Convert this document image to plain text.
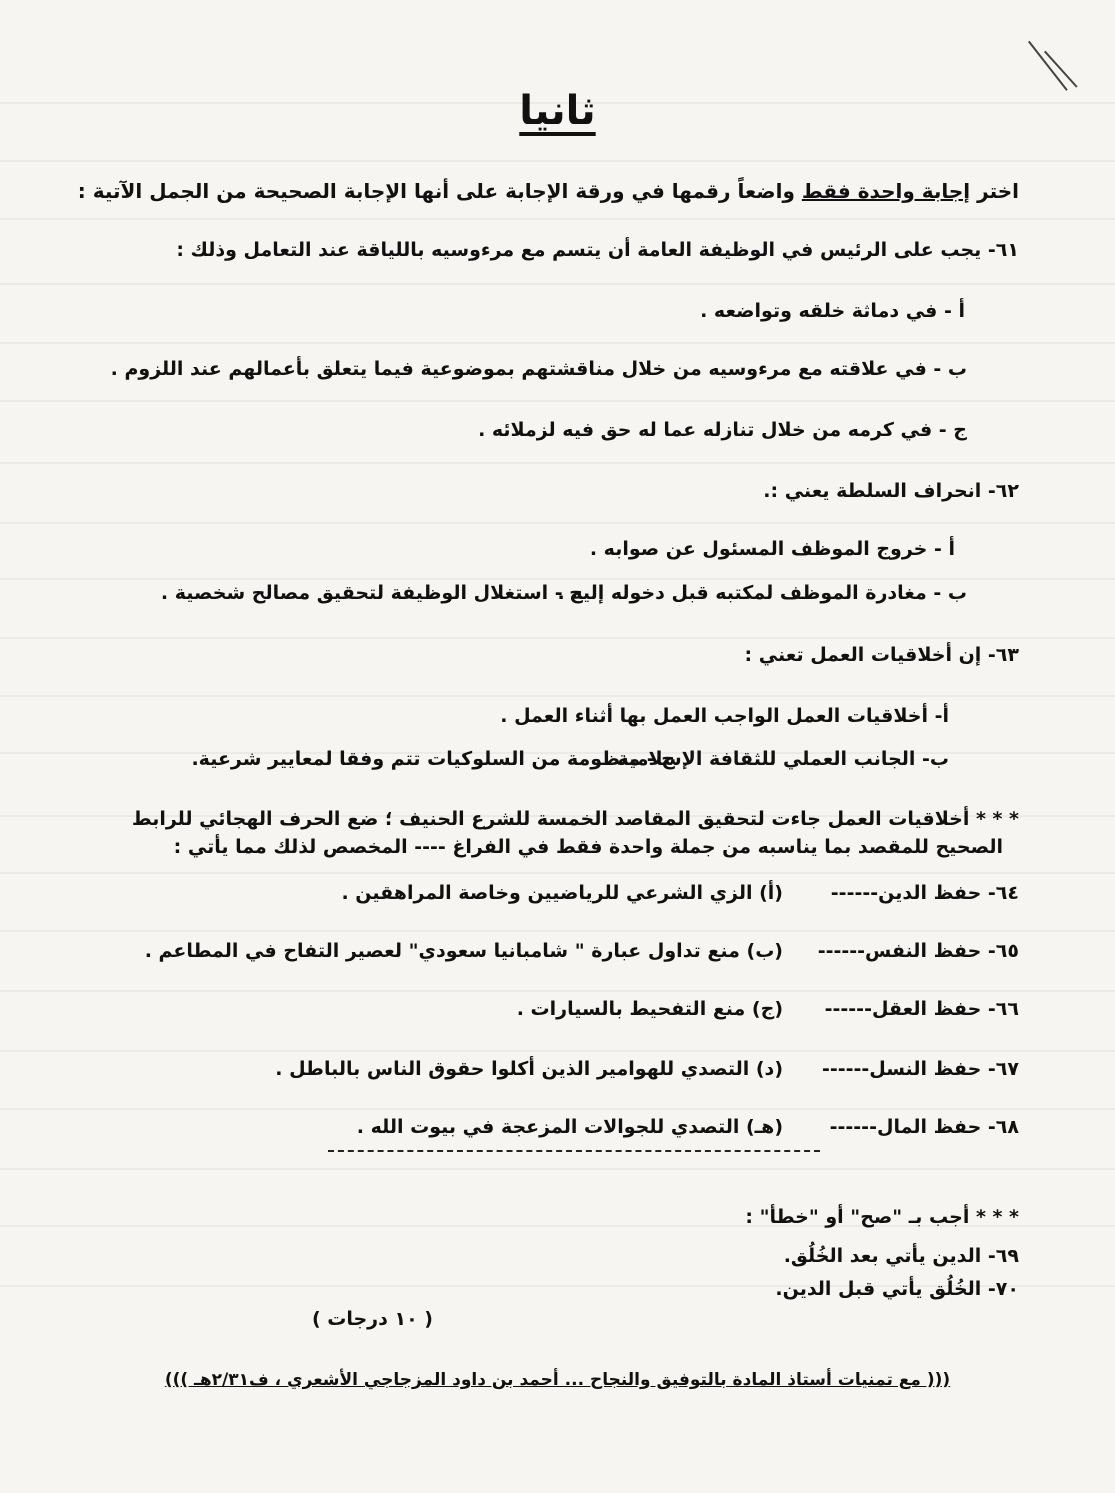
ثانيا
اختر إجابة واحدة فقط واضعاً رقمها في ورقة الإجابة على أنها الإجابة الصحيحة من الجمل الآتية :
٦١- يجب على الرئيس في الوظيفة العامة أن يتسم مع مرءوسيه باللياقة عند التعامل وذلك :
أ - في دماثة خلقه وتواضعه .
ب - في علاقته مع مرءوسيه من خلال مناقشتهم بموضوعية فيما يتعلق بأعمالهم عند اللزوم .
ج - في كرمه من خلال تنازله عما له حق فيه لزملائه .
٦٢- انحراف السلطة يعني :.
أ - خروج الموظف المسئول عن صوابه .
ب - مغادرة الموظف لمكتبه قبل دخوله إليه .
ج - استغلال الوظيفة لتحقيق مصالح شخصية .
٦٣- إن أخلاقيات العمل تعني :
أ- أخلاقيات العمل الواجب العمل بها أثناء العمل .
ب- الجانب العملي للثقافة الإسلامية .
ج - منظومة من السلوكيات تتم وفقا لمعايير شرعية.
* * * أخلاقيات العمل جاءت لتحقيق المقاصد الخمسة للشرع الحنيف ؛ ضع الحرف الهجائي للرابط
الصحيح للمقصد بما يناسبه من جملة واحدة فقط في الفراغ ---- المخصص لذلك مما يأتي :
٦٤- حفظ الدين------
(أ) الزي الشرعي للرياضيين وخاصة المراهقين .
٦٥- حفظ النفس------
(ب) منع تداول عبارة " شامبانيا سعودي" لعصير التفاح في المطاعم .
٦٦- حفظ العقل------
(ج) منع التفحيط بالسيارات .
٦٧- حفظ النسل------
(د) التصدي للهوامير الذين أكلوا حقوق الناس بالباطل .
٦٨- حفظ المال------
(هـ) التصدي للجوالات المزعجة في بيوت الله .
* * * أجب بـ "صح" أو "خطأ" :
٦٩- الدين يأتي بعد الخُلُق.
٧٠- الخُلُق يأتي قبل الدين.
( ١٠ درجات )
((( مع تمنيات أستاذ المادة بالتوفيق والنجاح ... أحمد بن داود المزجاجي الأشعري ، ف٢/٣١هـ )))
